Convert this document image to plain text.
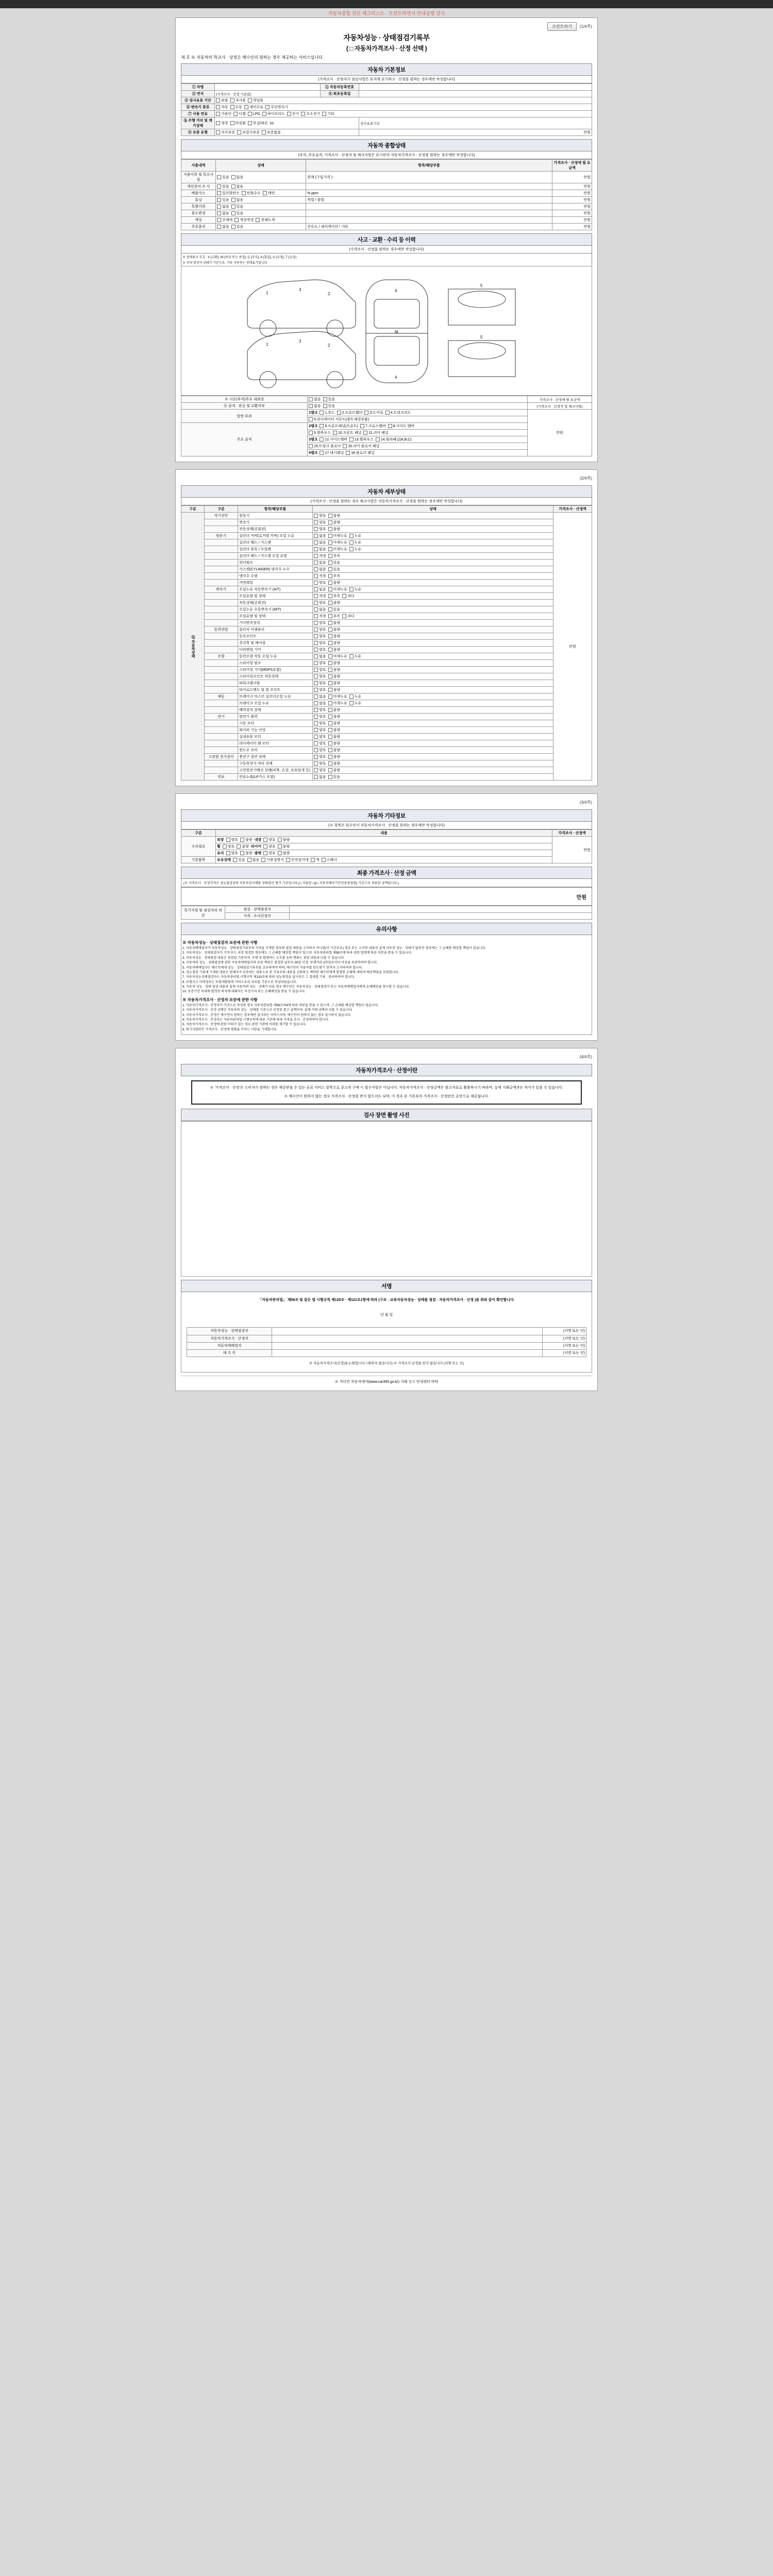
자동차종합 진단 체크리스트 · 프린트하면서 안내실행 검사
프린트하기	(1/4쪽)
자동차성능 · 상태점검기록부
( □ 자동차가격조사 · 산정 선택 )
제 호 ※ 자동차의 학교사 · 상정은 매수인의 원하는 경우 제공하는 서비스입니다.
자동차 기본정보
(가격조사 · 산정자가 점검사항은 표지에 표기하고 · 산정을 원하는 경우에만 작성합니다)
① 차명		② 자동차등록번호	
③ 연식	(가격조사 · 산정 기준값)	④ 최초등록일	
⑤ 검사유효 기간	관용 자가용 영업용		

⑥ 변속기 종류	자동 수동 세미오토 무단변속기		

⑦ 사용 연료	가솔린	디젤	LPG	하이브리드	전기	수소전기	기타

⑧ 주행 거리 및 계기상태	정상 의심됨 부실/파손 ㎞		검사유효기간
⑨ 보증 유형	자가보증 보험사보증 보증없음		만원
자동차 종합상태
(부식, 주요골격, 가격조사 · 산정자 및 체크사항은 표시란의 자동차가격조사 · 산정을 원하는 경우에만 작성합니다)
사용내역	상태	항목/해당부품	가격조사 · 산정에 필 요금액
사용이력 및 특수사 항	있음 없음	현재 (구입가격 )	만원
개선장치 조 사	있음 없음		만원
배출가스	일산화탄소 탄화수소 매연	% ppm	만원
튜닝	있음 없음	적법 / 불법	만원
특별이력	없음 있음		만원
용도변경	없음 있음		만원
색상	무채색 색상변경 전체도색		만원
주요옵션	없음 있음	선루프 / 내비게이션 / 기타	만원
사고 · 교환 · 수리 등 이력
(가격조사 · 산정을 원하는 경우에만 작성합니다)
※ 상태표시 부호 : X (교환), W (판금 또는 용접), C (부식), A (흠집), U (요철), T (손상)
※ 주의 맞추어 상태가 기준으로, 기타 자동차는 상태표기입니다.
1
3
2
1
3
2
4
M
4
5
5
※ 시온(부식)주요 내외장	없음 있음	가격조사 · 산정에 필 요금액
⑪ 골격 · 판금 및 교환여부	없음 있음	(가격조사 · 산정자 및 체크사항)
앞면 부위	1랭크 1.후드 2.프론트휀더 3.도어류 4.트렁크리드	만원

	5.라디에이터 서포트(볼트체결부품)	

주요 골격	2랭크 6.프론트패널(프론트) 7.크로스멤버 8.사이드 멤버	

	9.휠하우스 10.프론트 패널 11.리어 패널	

	3랭크 12.사이드멤버 13.휠하우스 14.필라패널(A,B,C)	

	15.트렁크 플로어 16.리어 플로어 패널	

	4랭크 17.대시패널 18.플로어 패널	
(2/4쪽)
자동차 세부상태
(가격조사 · 산정을 원하는 경우 체크사항은 자동차가격조사 · 산정을 원하는 경우에만 작성합니다)
구분	구분	항목/해당부품	상태	가격조사 · 산정액
⑫ 자동차상태	자기진단	원동기	양호 불량	만원
		변속기	양호 불량	

		작동상태(공회전)	양호 불량	

	원동기	실린더 커버(로커암 커버) 오일 누유	없음 미세누유 누유	

		실린더 헤드 / 가스켓	없음 미세누유 누유	

		실린더 블록 / 오일팬	없음 미세누유 누유	

		실린더 헤드 / 가스켓 오일 유량	적정 부족	

		워터펌프	없음 있음	

		가스켓(CYLINDER) 냉각수 누수	없음 있음	

		냉각수 수량	적정 부족	

		커먼레일	양호 불량	

	변속기	오일누유 자동변속기 (A/T)	없음 미세누유 누유	

		오일유량 및 상태	적정 부족 과다	

		작동상태(공회전)	양호 불량	

		오일누유 수동변속기 (M/T)	없음 있음	

		오일유량 및 상태	적정 부족 과다	

		기어변속장치	양호 불량	

	동력전달	클러치 어셈블리	양호 불량	

		등속조인트	양호 불량	

		추진축 및 베어링	양호 불량	

		디퍼렌셜 기어	양호 불량	

	조향	동력조향 작동 오일 누유	없음 미세누유 누유	

		스티어링 펌프	양호 불량	

		스티어링 기어(MDPS포함)	양호 불량	

		스티어링조인트 작동상태	양호 불량	

		파워크랭크암	양호 불량	

		타이로드엔드 및 볼 조인트	양호 불량	

	제동	브레이크 마스터 실린더오일 누유	없음 미세누유 누유	

		브레이크 오일 누유	없음 미세누유 누유	

		배력장치 상태	양호 불량	

	전기	발전기 출력	양호 불량	

		시동 모터	양호 불량	

		와이퍼 기능 이상	양호 불량	

		실내송풍 모터	양호 불량	

		라디에이터 팬 모터	양호 불량	

		윈도우 모터	양호 불량	

	고전원 전기장치	충전구 절연 상태	양호 불량	

		구동축전지 격리 상태	양호 불량	

		고전원전기배선 상태(피복, 손상, 보호덮개 등)	양호 불량	

	연료	연료누출(LP가스 포함)	없음 있음	
(3/4쪽)
자동차 기타정보
(※ 항목은 원수인이 자동차가격조사 · 산정을 원하는 경우에만 작성합니다)
구분	내용	가격조사 · 산정액
수리필요	
외장	양호	불량 내장	양호	불량
	만원

휠	양호	불량 타이어	양호	불량

유리	양호	불량 광택	양호	불량

기본품목	보유상태	있음	없음	사용설명서	안전삼각대	잭	스패너
최종 가격조사 · 산정 금액
(※ 가격조사 · 산정가격은 성능점검장의 자동차검사매를 상태검산 평가 기준입니다.(□ 가솔린 □)(□ 자동차매각기간전용중평점) 기준으로 적용한 금액입니다.)
만원
특기사항 및 점검자의 의견	점검 · 상태점검자	
	가격 · 조사산정자	
유의사항
※ 자동차성능 · 상태점검자 보증에 관한 사항

1. 자동차매매업자가 자동차성능 · 상태점검기록부의 거짓을 기재한 경우와 점검 내용을 고지하지 아니한(이 기간부로) 경우 또는 고지한 내용과 실제 자동차 성능 · 상태가 달라진 경우에는 그 손해를 배상할 책임이 있습니다.

2. 자동차성능 · 상태점검자가 거짓 또는 과장 점검한 경우에도 그 손해를 배상할 책임이 있으며, 자동차관리법 제58조에 따라 관련 법령에 따른 처분을 받을 수 있습니다.

3. 자동차성능 · 상태점검 내용은 점검일 기준이며, 주행 중 발생하는 소모품 등의 변화는 점검 내용과 다를 수 있습니다.

4. 자동차의 성능 · 상태점검에 관한 자동차매매업자의 보증 책임은 점검한 날부터 30일 이상, 주행거리 2천킬로미터 이상을 보증하여야 합니다.

5. 자동차매매업자는 매수인에게 성능 · 상태점검기록부를 교부하여야 하며, 매수인이 자동차를 인도받기 전까지 고지하여야 합니다.

6. 성능점검 기록에 기재된 내용은 판매자가 보증하는 내용으로 본 기록부의 내용을 신뢰하고 계약한 매수인에게 발생한 손해에 대하여 배상책임을 부담합니다.

7. 자동차성능상태점검자는 자동차관리법 시행규칙 제120조에 따라 성능점검을 실시하고 그 결과를 기록 · 관리하여야 합니다.

8. 보험사고 이력정보는 보험개발원의 카히스토리 자료를 기준으로 작성되었습니다.

9. 자동차 성능 · 상태 점검 내용과 실제 자동차의 성능 · 상태가 다른 경우 매수인은 자동차성능 · 상태점검자 또는 자동차매매업자에게 손해배상을 청구할 수 있습니다.

10. 보증기간 이내에 발견된 하자에 대해서는 무상수리 또는 손해배상을 받을 수 있습니다.

※ 자동차가격조사 · 산정자 보증에 관한 사항

1. 자동차가격조사 · 산정자가 거짓으로 작성한 경우 자동차관리법 제58조의4에 따라 처분을 받을 수 있으며, 그 손해를 배상할 책임이 있습니다.

2. 자동차가격조사 · 산정 금액은 자동차의 성능 · 상태를 기준으로 산정된 참고 금액이며, 실제 거래 금액과 다를 수 있습니다.

3. 자동차가격조사 · 산정은 매수인이 원하는 경우에만 실시하는 서비스이며, 매수인이 원하지 않는 경우 실시하지 않습니다.

4. 자동차가격조사 · 산정자는 자동차관리법 시행규칙에 따른 기준에 따라 가격을 조사 · 산정하여야 합니다.

5. 자동차가격조사 · 산정에 관한 이의가 있는 경우 관련 기관에 이의를 제기할 수 있습니다.

6. 특기사항란은 가격조사 · 산정에 영향을 미치는 사항을 기재합니다.

(4/4쪽)
자동차가격조사 · 산정이란
※ '가격조사 · 산정'은 소비자가 원하는 경우 제공받을 수 있는 유료 서비스 항목으로 중고차 구매 시 필수사항은 아닙니다. 자동차가격조사 · 산정금액은 참고자료로 활용하시기 바라며, 실제 거래금액과는 차이가 있을 수 있습니다.
※ 매수인이 원하지 않는 경우 가격조사 · 산정을 받지 않으셔도 되며, 이 경우 본 기록부의 가격조사 · 산정란은 공란으로 제공됩니다.
검사 장면 촬영 사진
서명
「자동차관리법」 제58조 및 같은 법 시행규칙 제120조 · 제121조1항에 따라 (구조 · 교육자동차성능 · 상태를 점검 · 자동차가격조사 · 산정 )을 위와 같이 확인합니다.
년 월 일
자동차성능 · 상태점검자		(서명 또는 인)
자동차가격조사 · 산정자		(서명 또는 인)
자동차매매업자		(서명 또는 인)
매 수 인		(서명 또는 인)
※ 자동차가격조사(산정)을 (□원합니다 □원하지 않습니다) ※ 가격조사 산정을 받지 않습니다 (서명 또는 인)
※ 가디언 자동차대여(www.car365.go.kr) 거래 신고 안내센터 바닥
